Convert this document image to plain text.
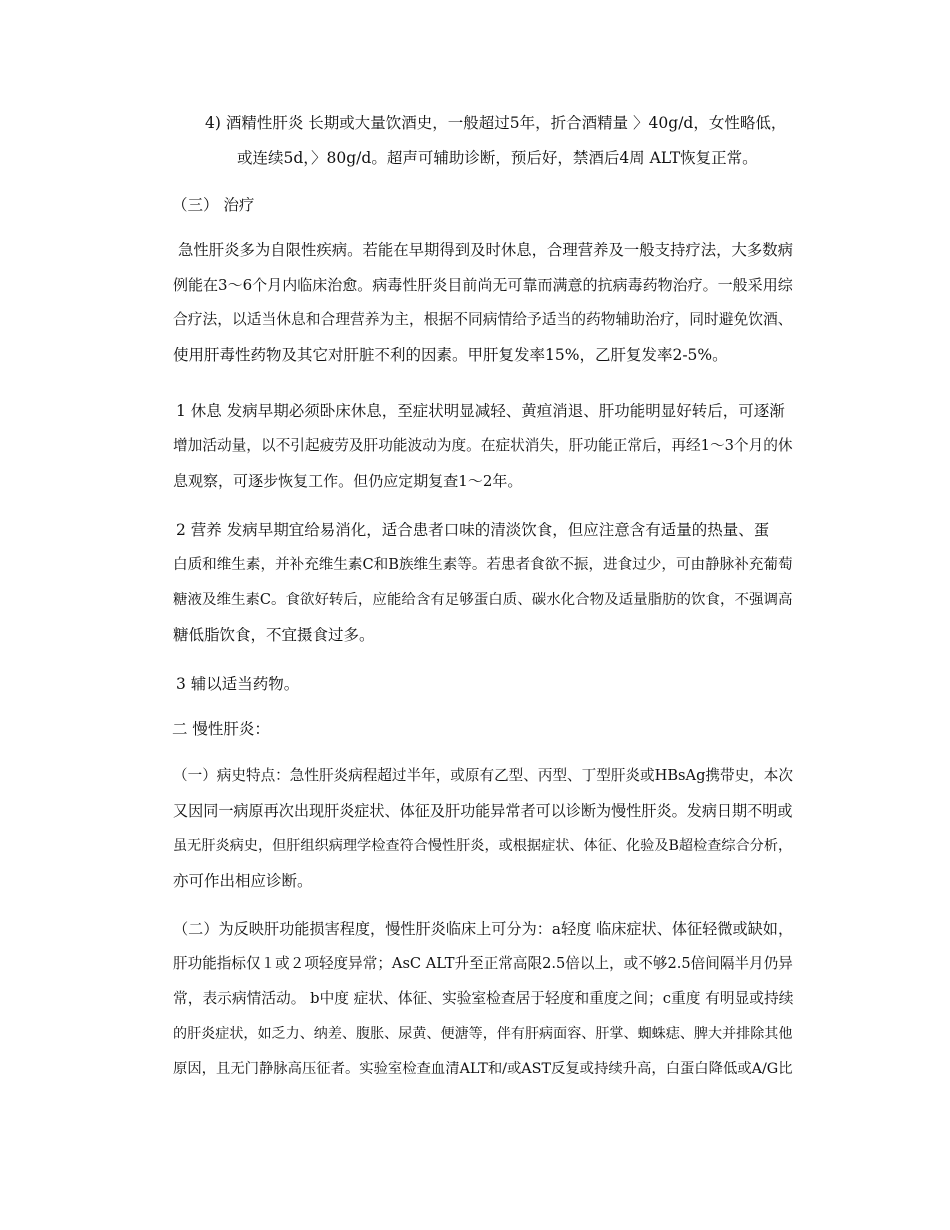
4) 酒精性肝炎 长期或大量饮酒史，一般超过5年，折合酒精量 〉40g/d，女性略低，
或连续5d，〉80g/d。超声可辅助诊断，预后好，禁酒后4周 ALT恢复正常。
（三） 治疗
急性肝炎多为自限性疾病。若能在早期得到及时休息，合理营养及一般支持疗法，大多数病
例能在3～6个月内临床治愈。病毒性肝炎目前尚无可靠而满意的抗病毒药物治疗。一般采用综
合疗法，以适当休息和合理营养为主，根据不同病情给予适当的药物辅助治疗，同时避免饮酒、
使用肝毒性药物及其它对肝脏不利的因素。甲肝复发率15%，乙肝复发率2-5%。
1 休息 发病早期必须卧床休息，至症状明显减轻、黄疸消退、肝功能明显好转后，可逐渐
增加活动量，以不引起疲劳及肝功能波动为度。在症状消失，肝功能正常后，再经1～3个月的休
息观察，可逐步恢复工作。但仍应定期复查1～2年。
2 营养 发病早期宜给易消化，适合患者口味的清淡饮食，但应注意含有适量的热量、蛋
白质和维生素，并补充维生素C和B族维生素等。若患者食欲不振，进食过少，可由静脉补充葡萄
糖液及维生素C。食欲好转后，应能给含有足够蛋白质、碳水化合物及适量脂肪的饮食，不强调高
糖低脂饮食，不宜摄食过多。
3 辅以适当药物。
二 慢性肝炎：
（一）病史特点：急性肝炎病程超过半年，或原有乙型、丙型、丁型肝炎或HBsAg携带史，本次
又因同一病原再次出现肝炎症状、体征及肝功能异常者可以诊断为慢性肝炎。发病日期不明或
虽无肝炎病史，但肝组织病理学检查符合慢性肝炎，或根据症状、体征、化验及B超检查综合分析，
亦可作出相应诊断。
（二）为反映肝功能损害程度，慢性肝炎临床上可分为：a轻度 临床症状、体征轻微或缺如，
肝功能指标仅１或２项轻度异常；AsC ALT升至正常高限2.5倍以上，或不够2.5倍间隔半月仍异
常，表示病情活动。 b中度 症状、体征、实验室检查居于轻度和重度之间；c重度 有明显或持续
的肝炎症状，如乏力、纳差、腹胀、尿黄、便溏等，伴有肝病面容、肝掌、蜘蛛痣、脾大并排除其他
原因，且无门静脉高压征者。实验室检查血清ALT和/或AST反复或持续升高，白蛋白降低或A/G比
